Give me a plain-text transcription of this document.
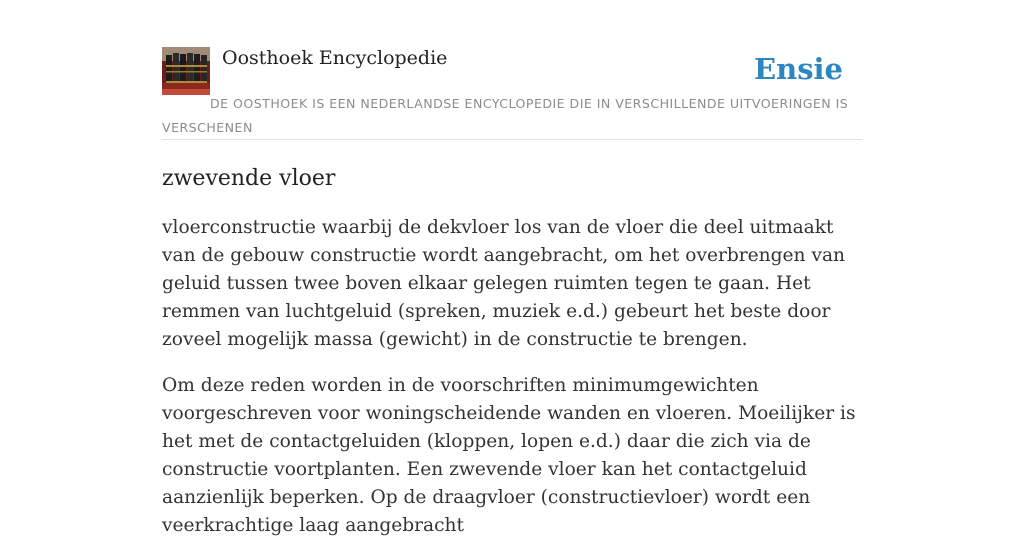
Oosthoek Encyclopedie	Ensie
DE OOSTHOEK IS EEN NEDERLANDSE ENCYCLOPEDIE DIE IN VERSCHILLENDE UITVOERINGEN IS VERSCHENEN
zwevende vloer

vloerconstructie waarbij de dekvloer los van de vloer die deel uitmaakt van de gebouw constructie wordt aangebracht, om het overbrengen van geluid tussen twee boven elkaar gelegen ruimten tegen te gaan. Het remmen van luchtgeluid (spreken, muziek e.d.) gebeurt het beste door zoveel mogelijk massa (gewicht) in de constructie te brengen.

Om deze reden worden in de voorschriften minimumgewichten voorgeschreven voor woningscheidende wanden en vloeren. Moeilijker is het met de contactgeluiden (kloppen, lopen e.d.) daar die zich via de constructie voortplanten. Een zwevende vloer kan het contactgeluid aanzienlijk beperken. Op de draagvloer (constructievloer) wordt een veerkrachtige laag aangebracht
